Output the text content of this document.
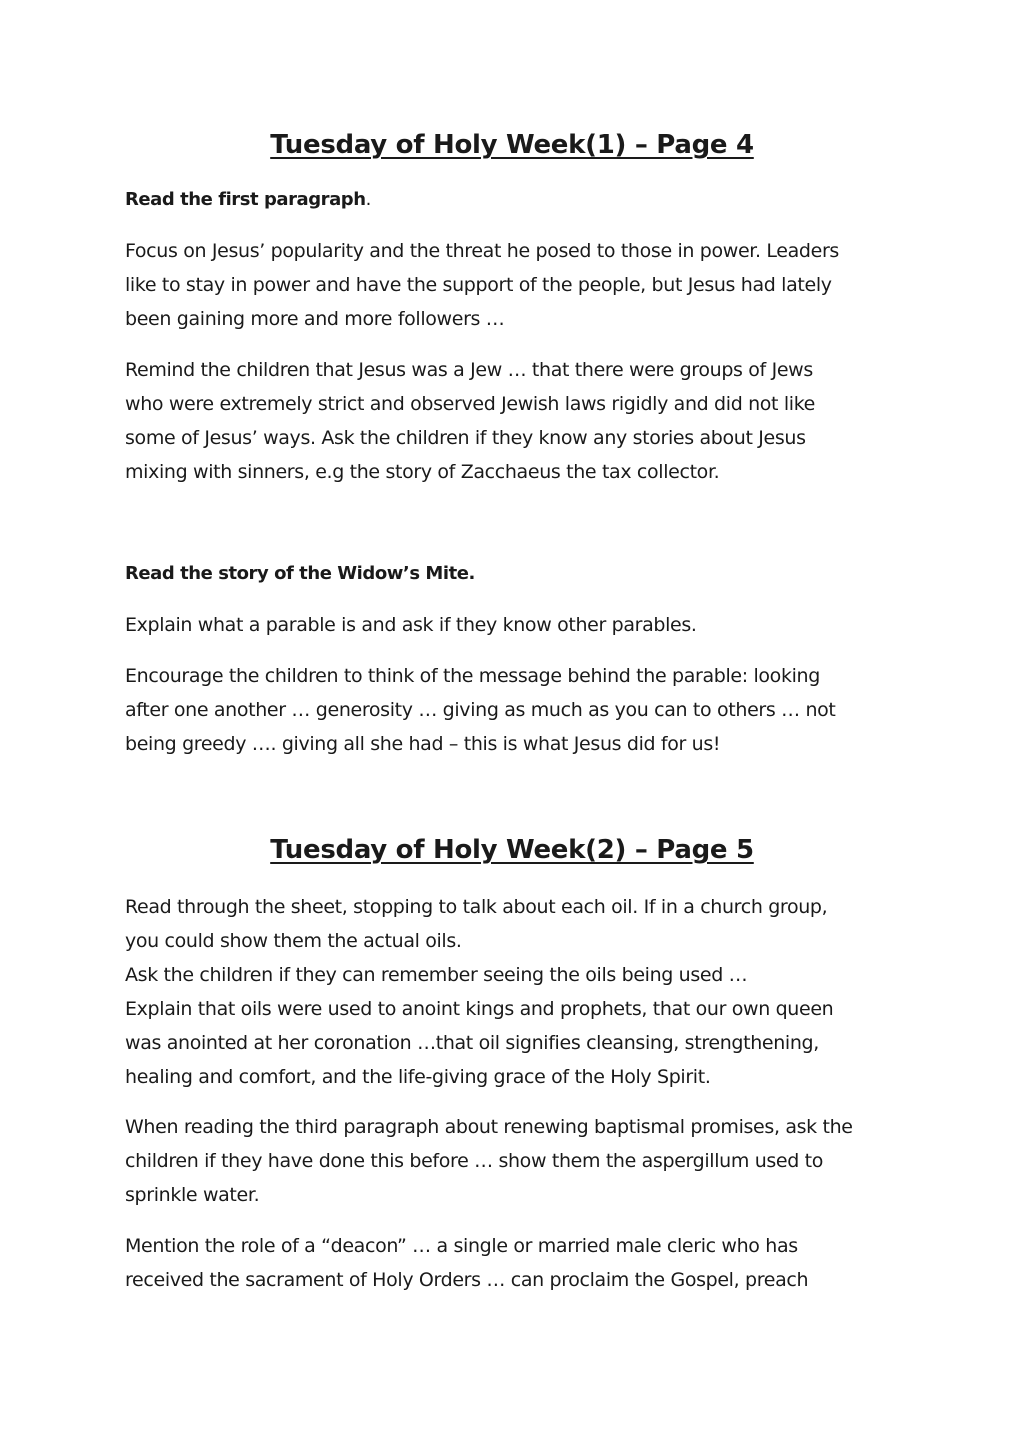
Tuesday of Holy Week(1) – Page 4

Read the first paragraph.

Focus on Jesus’ popularity and the threat he posed to those in power. Leaders

like to stay in power and have the support of the people, but Jesus had lately

been gaining more and more followers …

Remind the children that Jesus was a Jew … that there were groups of Jews

who were extremely strict and observed Jewish laws rigidly and did not like

some of Jesus’ ways. Ask the children if they know any stories about Jesus

mixing with sinners, e.g the story of Zacchaeus the tax collector.

Read the story of the Widow’s Mite.

Explain what a parable is and ask if they know other parables.

Encourage the children to think of the message behind the parable: looking

after one another … generosity … giving as much as you can to others … not

being greedy …. giving all she had – this is what Jesus did for us!

Tuesday of Holy Week(2) – Page 5

Read through the sheet, stopping to talk about each oil. If in a church group,

you could show them the actual oils.

Ask the children if they can remember seeing the oils being used …

Explain that oils were used to anoint kings and prophets, that our own queen

was anointed at her coronation …that oil signifies cleansing, strengthening,

healing and comfort, and the life-giving grace of the Holy Spirit.

When reading the third paragraph about renewing baptismal promises, ask the

children if they have done this before … show them the aspergillum used to

sprinkle water.

Mention the role of a “deacon” … a single or married male cleric who has

received the sacrament of Holy Orders … can proclaim the Gospel, preach
